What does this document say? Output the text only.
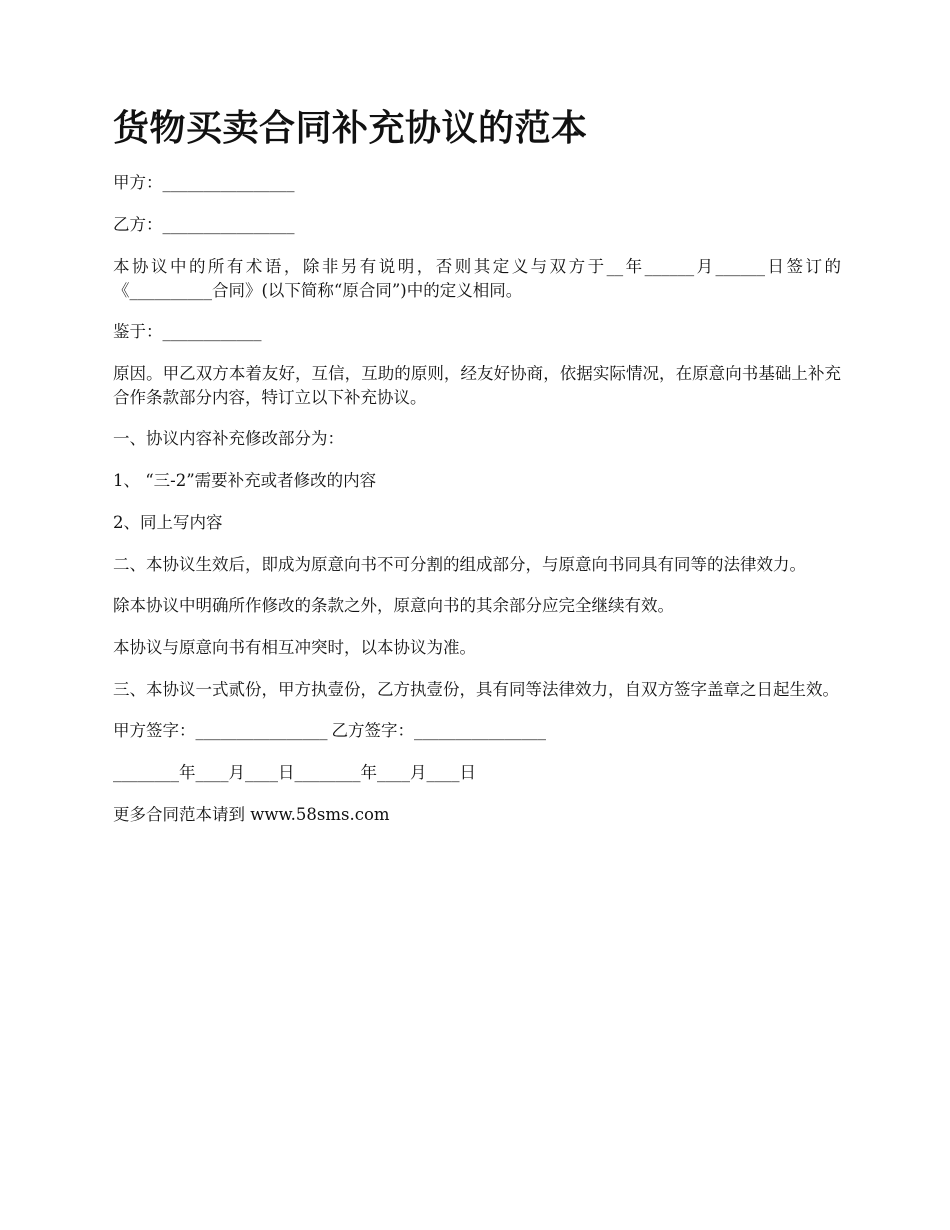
货物买卖合同补充协议的范本

甲方：________________

乙方：________________

本协议中的所有术语，除非另有说明，否则其定义与双方于__年______月______日签订的《__________合同》(以下简称“原合同”)中的定义相同。

鉴于：____________

原因。甲乙双方本着友好，互信，互助的原则，经友好协商，依据实际情况，在原意向书基础上补充合作条款部分内容，特订立以下补充协议。

一、协议内容补充修改部分为：

1、 “三-2”需要补充或者修改的内容

2、同上写内容

二、本协议生效后，即成为原意向书不可分割的组成部分，与原意向书同具有同等的法律效力。

除本协议中明确所作修改的条款之外，原意向书的其余部分应完全继续有效。

本协议与原意向书有相互冲突时，以本协议为准。

三、本协议一式贰份，甲方执壹份，乙方执壹份，具有同等法律效力，自双方签字盖章之日起生效。

甲方签字：________________ 乙方签字：________________

________年____月____日________年____月____日

更多合同范本请到 www.58sms.com
